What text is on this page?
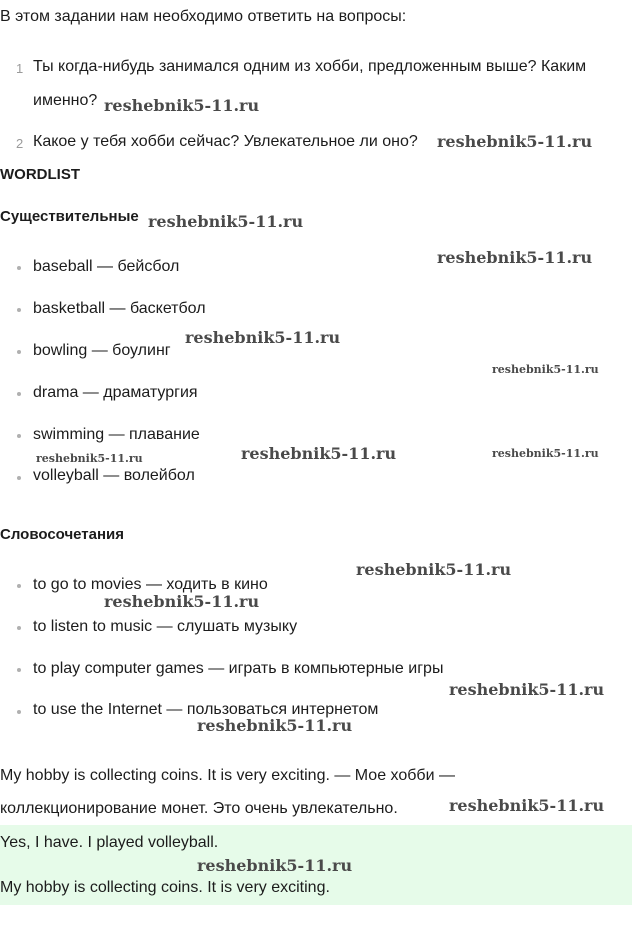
В этом задании нам необходимо ответить на вопросы:
1 Ты когда-нибудь занимался одним из хобби, предложенным выше? Каким
именно?
2 Какое у тебя хобби сейчас? Увлекательное ли оно?
WORDLIST
Существительные
baseball — бейсбол
basketball — баскетбол
bowling — боулинг
drama — драматургия
swimming — плавание
volleyball — волейбол
Словосочетания
to go to movies — ходить в кино
to listen to music — слушать музыку
to play computer games — играть в компьютерные игры
to use the Internet — пользоваться интернетом
My hobby is collecting coins. It is very exciting. — Мое хобби —
коллекционирование монет. Это очень увлекательно.
Yes, I have. I played volleyball.
My hobby is collecting coins. It is very exciting.
reshebnik5-11.ru
reshebnik5-11.ru
reshebnik5-11.ru
reshebnik5-11.ru
reshebnik5-11.ru
reshebnik5-11.ru
reshebnik5-11.ru
reshebnik5-11.ru	reshebnik5-11.ru
reshebnik5-11.ru
reshebnik5-11.ru
reshebnik5-11.ru
reshebnik5-11.ru
reshebnik5-11.ru
reshebnik5-11.ru
